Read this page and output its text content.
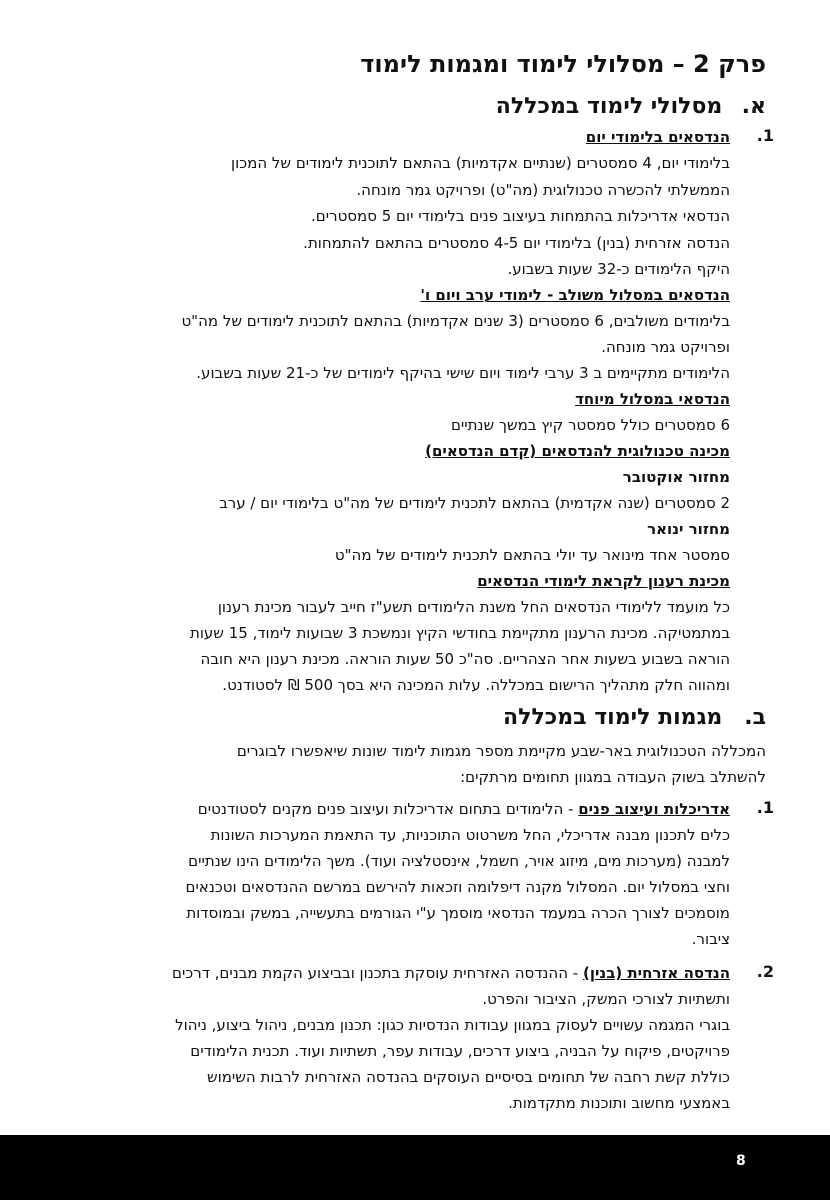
פרק 2 – מסלולי לימוד ומגמות לימוד
א. מסלולי לימוד במכללה
1.
הנדסאים בלימודי יום
בלימודי יום, 4 סמסטרים (שנתיים אקדמיות) בהתאם לתוכנית לימודים של המכון
הממשלתי להכשרה טכנולוגית (מה"ט) ופרויקט גמר מונחה.
הנדסאי אדריכלות בהתמחות בעיצוב פנים בלימודי יום 5 סמסטרים.
הנדסה אזרחית (בנין) בלימודי יום 4-5 סמסטרים בהתאם להתמחות.
היקף הלימודים כ-32 שעות בשבוע.
הנדסאים במסלול משולב - לימודי ערב ויום ו'
בלימודים משולבים, 6 סמסטרים (3 שנים אקדמיות) בהתאם לתוכנית לימודים של מה"ט
ופרויקט גמר מונחה.
הלימודים מתקיימים ב 3 ערבי לימוד ויום שישי בהיקף לימודים של כ-21 שעות בשבוע.
הנדסאי במסלול מיוחד
6 סמסטרים כולל סמסטר קיץ במשך שנתיים
מכינה טכנולוגית להנדסאים (קדם הנדסאים)
מחזור אוקטובר
2 סמסטרים (שנה אקדמית) בהתאם לתכנית לימודים של מה"ט בלימודי יום / ערב
מחזור ינואר
סמסטר אחד מינואר עד יולי בהתאם לתכנית לימודים של מה"ט
מכינת רענון לקראת לימודי הנדסאים
כל מועמד ללימודי הנדסאים החל משנת הלימודים תשע"ז חייב לעבור מכינת רענון
במתמטיקה. מכינת הרענון מתקיימת בחודשי הקיץ ונמשכת 3 שבועות לימוד, 15 שעות
הוראה בשבוע בשעות אחר הצהריים. סה"כ 50 שעות הוראה. מכינת רענון היא חובה
ומהווה חלק מתהליך הרישום במכללה. עלות המכינה היא בסך 500 ₪ לסטודנט.
ב. מגמות לימוד במכללה
המכללה הטכנולוגית באר-שבע מקיימת מספר מגמות לימוד שונות שיאפשרו לבוגרים
להשתלב בשוק העבודה במגוון תחומים מרתקים:
1.
אדריכלות ועיצוב פנים - הלימודים בתחום אדריכלות ועיצוב פנים מקנים לסטודנטים
כלים לתכנון מבנה אדריכלי, החל משרטוט התוכניות, עד התאמת המערכות השונות
למבנה (מערכות מים, מיזוג אויר, חשמל, אינסטלציה ועוד). משך הלימודים הינו שנתיים
וחצי במסלול יום. המסלול מקנה דיפלומה וזכאות להירשם במרשם ההנדסאים וטכנאים
מוסמכים לצורך הכרה במעמד הנדסאי מוסמך ע"י הגורמים בתעשייה, במשק ובמוסדות
ציבור.
2.
הנדסה אזרחית (בנין) - ההנדסה האזרחית עוסקת בתכנון ובביצוע הקמת מבנים, דרכים
ותשתיות לצורכי המשק, הציבור והפרט.
בוגרי המגמה עשויים לעסוק במגוון עבודות הנדסיות כגון: תכנון מבנים, ניהול ביצוע, ניהול
פרויקטים, פיקוח על הבניה, ביצוע דרכים, עבודות עפר, תשתיות ועוד. תכנית הלימודים
כוללת קשת רחבה של תחומים בסיסיים העוסקים בהנדסה האזרחית לרבות השימוש
באמצעי מחשוב ותוכנות מתקדמות.
8
